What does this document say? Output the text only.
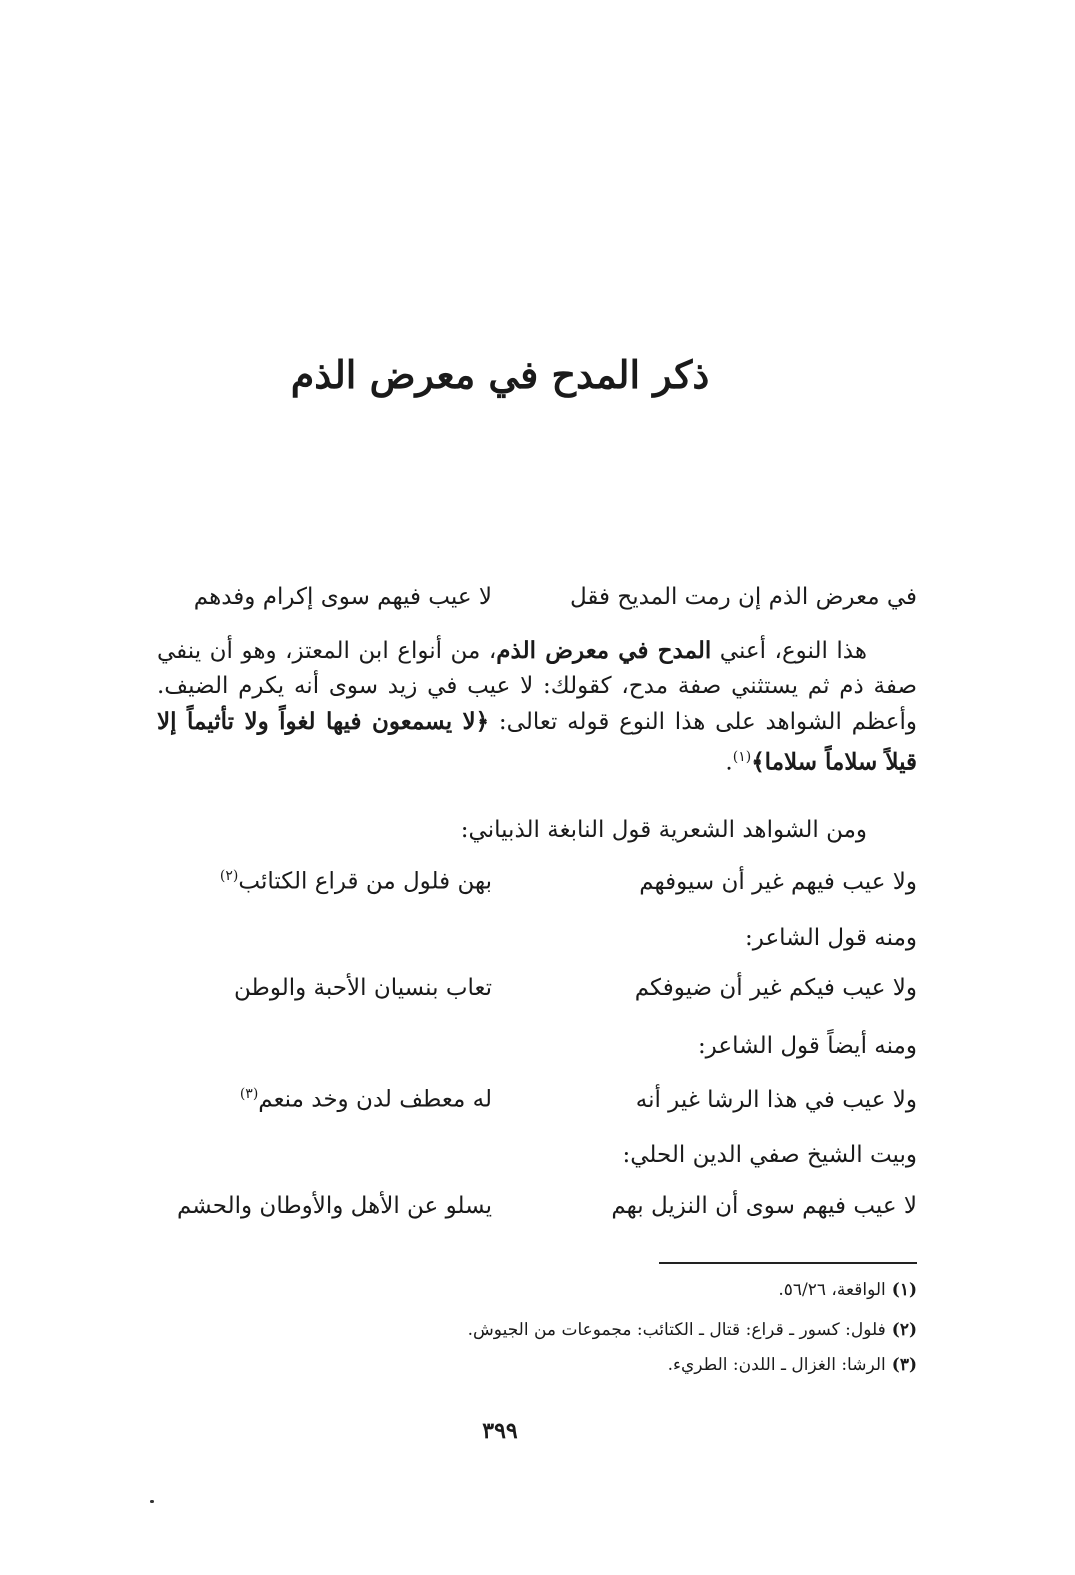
ذكر المدح في معرض الذم
في معرض الذم إن رمت المديح فقل
لا عيب فيهم سوى إكرام وفدهم
هذا النوع، أعني المدح في معرض الذم، من أنواع ابن المعتز، وهو أن ينفي صفة ذم ثم يستثني صفة مدح، كقولك: لا عيب في زيد سوى أنه يكرم الضيف. وأعظم الشواهد على هذا النوع قوله تعالى: ﴿لا يسمعون فيها لغواً ولا تأثيماً إلا قيلاً سلاماً سلاما﴾$^{(١)}$.
ومن الشواهد الشعرية قول النابغة الذبياني:
ولا عيب فيهم غير أن سيوفهم
بهن فلول من قراع الكتائب$^{(٢)}$
ومنه قول الشاعر:
ولا عيب فيكم غير أن ضيوفكم
تعاب بنسيان الأحبة والوطن
ومنه أيضاً قول الشاعر:
ولا عيب في هذا الرشا غير أنه
له معطف لدن وخد منعم$^{(٣)}$
وبيت الشيخ صفي الدين الحلي:
لا عيب فيهم سوى أن النزيل بهم
يسلو عن الأهل والأوطان والحشم
(١)الواقعة، ٥٦/٢٦.
(٢)فلول: كسور ـ قراع: قتال ـ الكتائب: مجموعات من الجيوش.
(٣)الرشا: الغزال ـ اللدن: الطريء.
٣٩٩
